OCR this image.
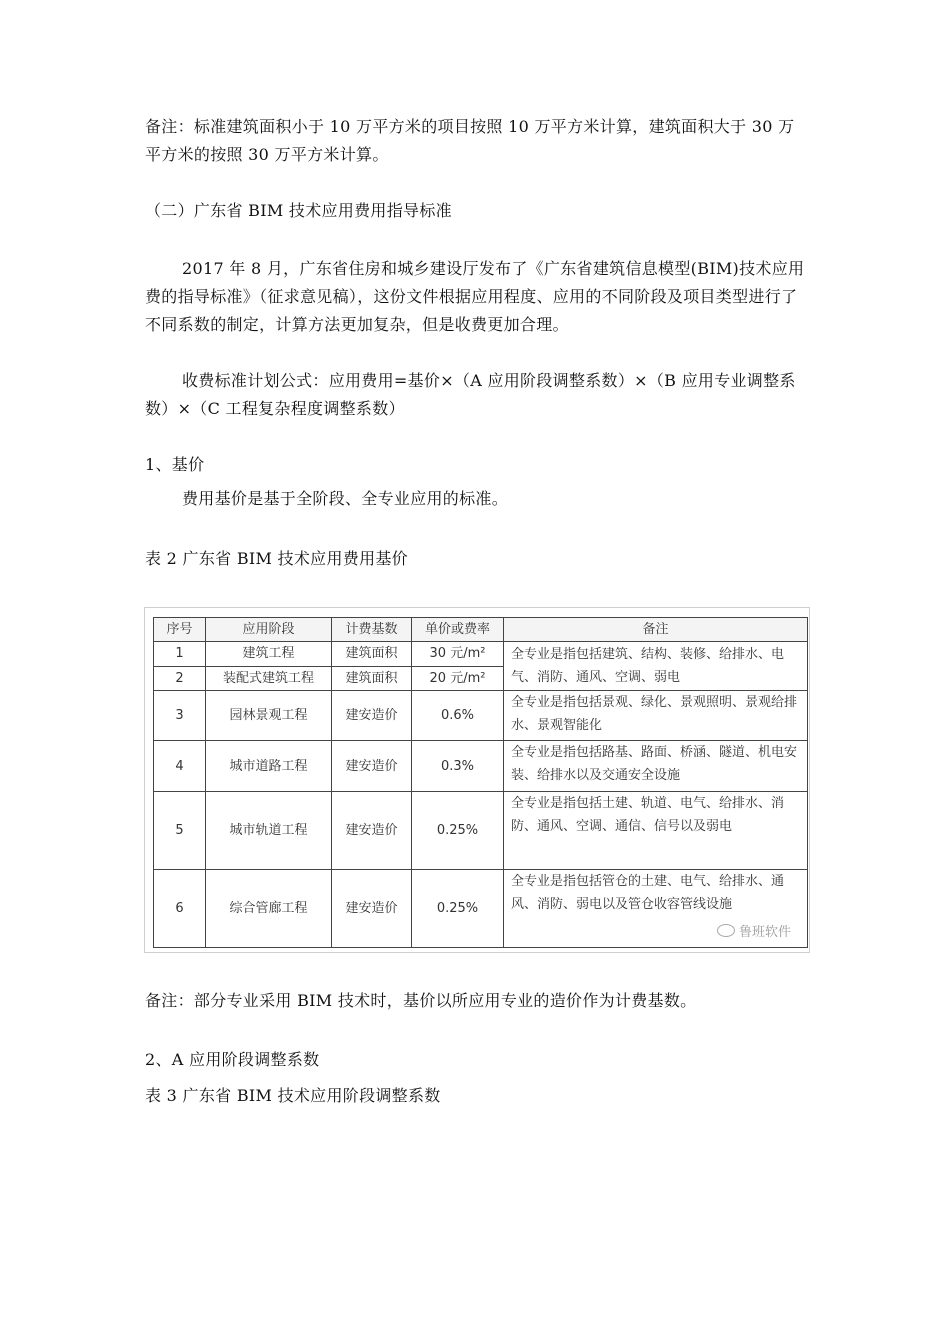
备注：标准建筑面积小于 10 万平方米的项目按照 10 万平方米计算，建筑面积大于 30 万平方米的按照 30 万平方米计算。

（二）广东省 BIM 技术应用费用指导标准

2017 年 8 月，广东省住房和城乡建设厅发布了《广东省建筑信息模型(BIM)技术应用费的指导标准》（征求意见稿），这份文件根据应用程度、应用的不同阶段及项目类型进行了不同系数的制定，计算方法更加复杂，但是收费更加合理。

收费标准计划公式：应用费用=基价×（A 应用阶段调整系数）×（B 应用专业调整系数）×（C 工程复杂程度调整系数）

1、基价

费用基价是基于全阶段、全专业应用的标准。

表 2 广东省 BIM 技术应用费用基价

序号	应用阶段	计费基数	单价或费率	备注
1	建筑工程	建筑面积	30 元/m²	全专业是指包括建筑、结构、装修、给排水、电气、消防、通风、空调、弱电
2	装配式建筑工程	建筑面积	20 元/m²	
3	园林景观工程	建安造价	0.6%	全专业是指包括景观、绿化、景观照明、景观给排水、景观智能化
4	城市道路工程	建安造价	0.3%	全专业是指包括路基、路面、桥涵、隧道、机电安装、给排水以及交通安全设施
5	城市轨道工程	建安造价	0.25%	全专业是指包括土建、轨道、电气、给排水、消防、通风、空调、通信、信号以及弱电
6	综合管廊工程	建安造价	0.25%	全专业是指包括管仓的土建、电气、给排水、通风、消防、弱电以及管仓收容管线设施
鲁班软件

备注：部分专业采用 BIM 技术时，基价以所应用专业的造价作为计费基数。

2、A 应用阶段调整系数

表 3 广东省 BIM 技术应用阶段调整系数
